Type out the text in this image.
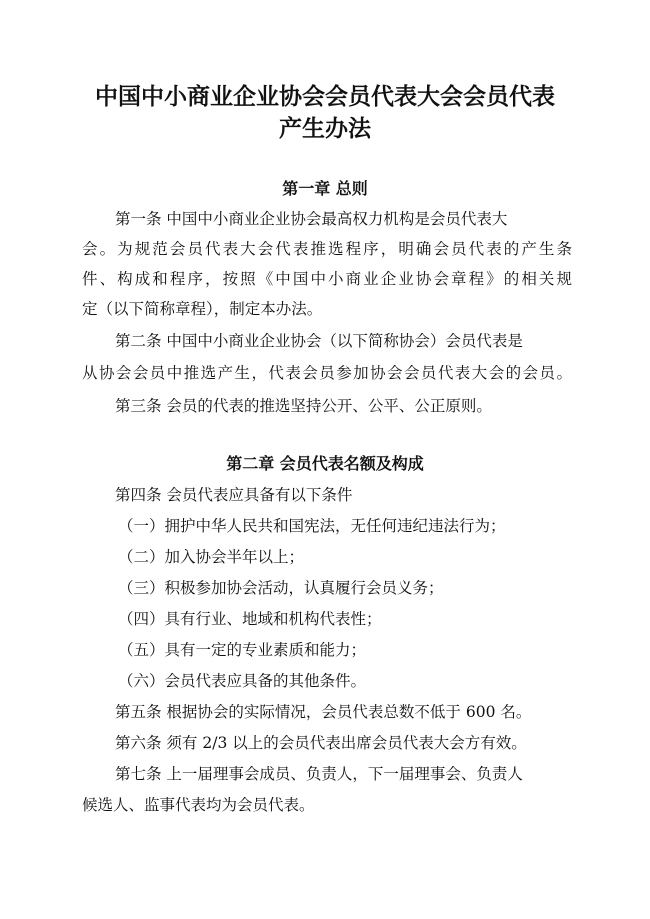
中国中小商业企业协会会员代表大会会员代表
产生办法
第一章 总则
第一条 中国中小商业企业协会最高权力机构是会员代表大
会。为规范会员代表大会代表推选程序，明确会员代表的产生条
件、构成和程序，按照《中国中小商业企业协会章程》的相关规
定（以下简称章程），制定本办法。
第二条 中国中小商业企业协会（以下简称协会）会员代表是
从协会会员中推选产生，代表会员参加协会会员代表大会的会员。
第三条 会员的代表的推选坚持公开、公平、公正原则。
第二章 会员代表名额及构成
第四条 会员代表应具备有以下条件
（一）拥护中华人民共和国宪法，无任何违纪违法行为；
（二）加入协会半年以上；
（三）积极参加协会活动，认真履行会员义务；
（四）具有行业、地域和机构代表性；
（五）具有一定的专业素质和能力；
（六）会员代表应具备的其他条件。
第五条 根据协会的实际情况，会员代表总数不低于 600 名。
第六条 须有 2/3 以上的会员代表出席会员代表大会方有效。
第七条 上一届理事会成员、负责人，下一届理事会、负责人
候选人、监事代表均为会员代表。
